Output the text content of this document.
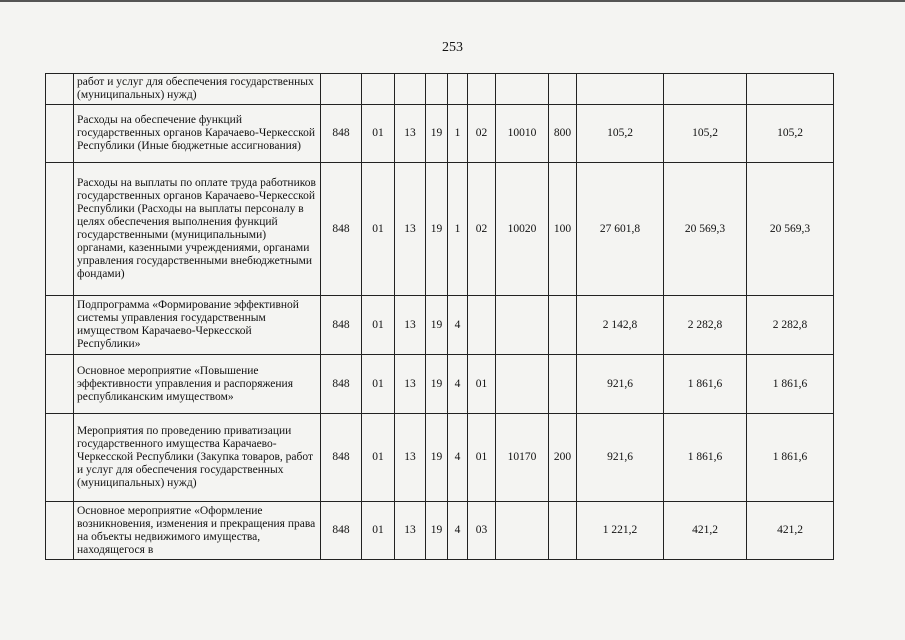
253
	работ и услуг для обеспечения государственных (муниципальных) нужд)											
	Расходы на обеспечение функций государственных органов Карачаево-Черкесской Республики (Иные бюджетные ассигнования)	848	01	13	19	1	02	10010	800	105,2	105,2	105,2
	Расходы на выплаты по оплате труда работников государственных органов Карачаево-Черкесской Республики (Расходы на выплаты персоналу в целях обеспечения выполнения функций государственными (муниципальными) органами, казенными учреждениями, органами управления государственными внебюджетными фондами)	848	01	13	19	1	02	10020	100	27 601,8	20 569,3	20 569,3
	Подпрограмма «Формирование эффективной системы управления государственным имуществом Карачаево-Черкесской Республики»	848	01	13	19	4				2 142,8	2 282,8	2 282,8
	Основное мероприятие «Повышение эффективности управления и распоряжения республиканским имуществом»	848	01	13	19	4	01			921,6	1 861,6	1 861,6
	Мероприятия по проведению приватизации государственного имущества Карачаево-Черкесской Республики (Закупка товаров, работ и услуг для обеспечения государственных (муниципальных) нужд)	848	01	13	19	4	01	10170	200	921,6	1 861,6	1 861,6
	Основное мероприятие «Оформление возникновения, изменения и прекращения права на объекты недвижимого имущества, находящегося в	848	01	13	19	4	03			1 221,2	421,2	421,2
